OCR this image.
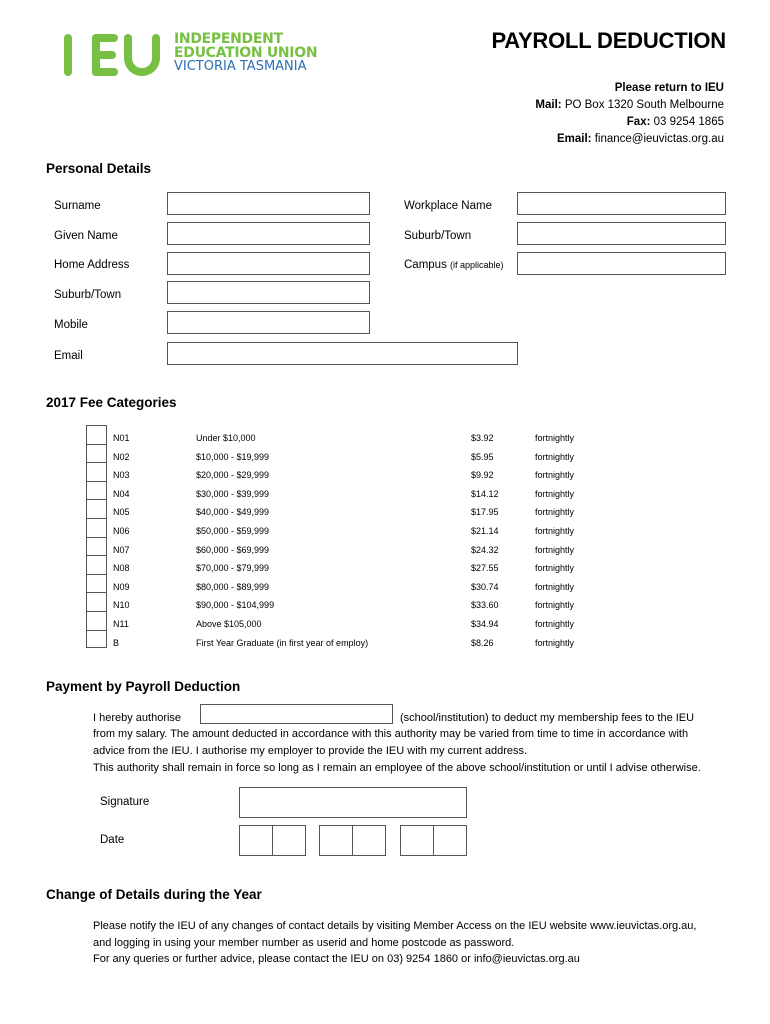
INDEPENDENT
EDUCATION UNION
VICTORIA TASMANIA
PAYROLL DEDUCTION
Please return to IEU
Mail: PO Box 1320 South Melbourne
Fax: 03 9254 1865
Email: finance@ieuvictas.org.au
Personal Details
Surname
Given Name
Home Address
Suburb/Town
Mobile
Email
Workplace Name
Suburb/Town
Campus (if applicable)
2017 Fee Categories
N01	Under $10,000	$3.92	fortnightly
N02	$10,000 - $19,999	$5.95	fortnightly
N03	$20,000 - $29,999	$9.92	fortnightly
N04	$30,000 - $39,999	$14.12	fortnightly
N05	$40,000 - $49,999	$17.95	fortnightly
N06	$50,000 - $59,999	$21.14	fortnightly
N07	$60,000 - $69,999	$24.32	fortnightly
N08	$70,000 - $79,999	$27.55	fortnightly
N09	$80,000 - $89,999	$30.74	fortnightly
N10	$90,000 - $104,999	$33.60	fortnightly
N11	Above $105,000	$34.94	fortnightly
B	First Year Graduate (in first year of employ)	$8.26	fortnightly
Payment by Payroll Deduction
I hereby authorise	(school/institution) to deduct my membership fees to the IEU
from my salary. The amount deducted in accordance with this authority may be varied from time to time in accordance with
advice from the IEU. I authorise my employer to provide the IEU with my current address.
This authority shall remain in force so long as I remain an employee of the above school/institution or until I advise otherwise.
Signature
Date
Change of Details during the Year
Please notify the IEU of any changes of contact details by visiting Member Access on the IEU website www.ieuvictas.org.au,
and logging in using your member number as userid and home postcode as password.
For any queries or further advice, please contact the IEU on 03) 9254 1860 or info@ieuvictas.org.au
